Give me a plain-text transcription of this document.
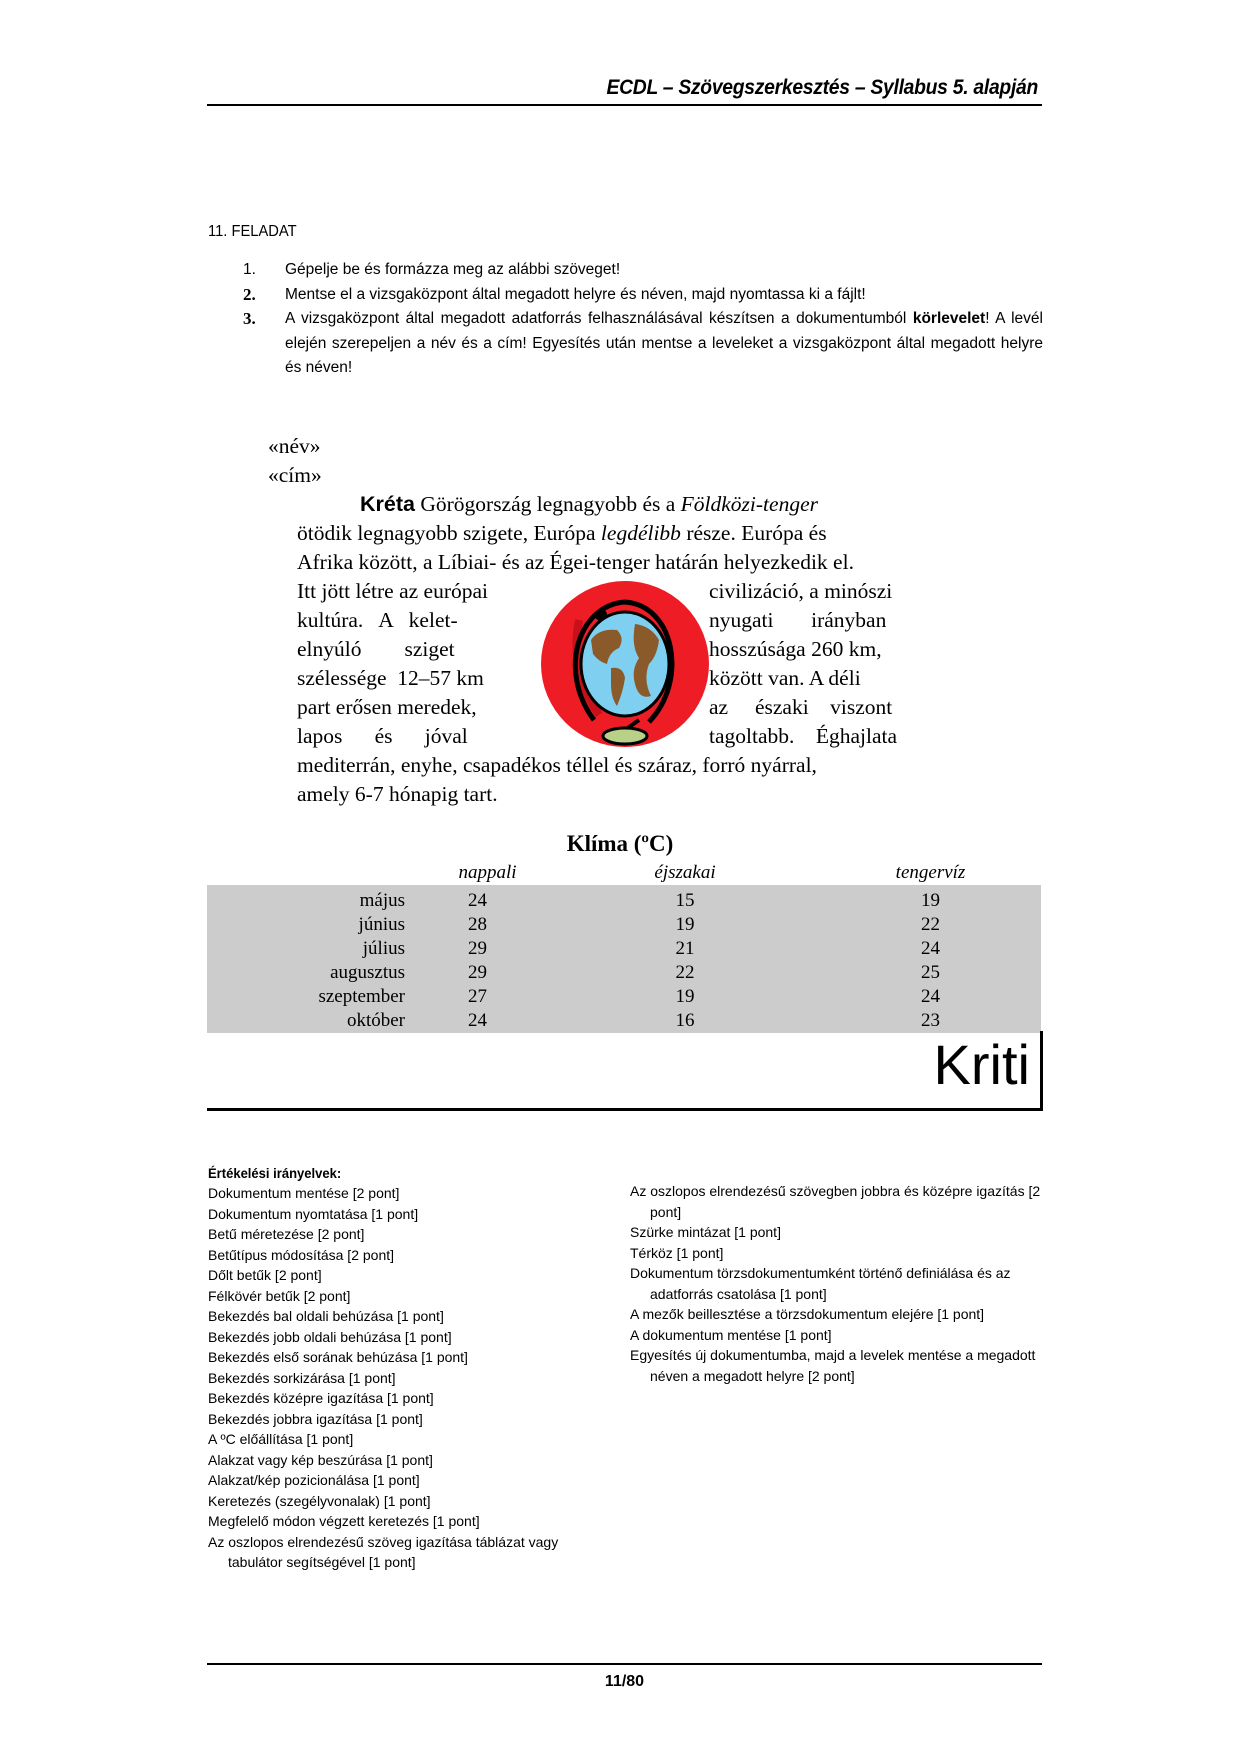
ECDL – Szövegszerkesztés – Syllabus 5. alapján
11. FELADAT
1. Gépelje be és formázza meg az alábbi szöveget!
2. Mentse el a vizsgaközpont által megadott helyre és néven, majd nyomtassa ki a fájlt!
3. A vizsgaközpont által megadott adatforrás felhasználásával készítsen a dokumentumból körlevelet! A levél elején szerepeljen a név és a cím! Egyesítés után mentse a leveleket a vizsgaközpont által megadott helyre és néven!
«név»
«cím»
Kréta Görögország legnagyobb és a Földközi-tenger
ötödik legnagyobb szigete, Európa legdélibb része. Európa és
Afrika között, a Líbiai- és az Égei-tenger határán helyezkedik el.
Itt jött létre az európai
kultúra.   A   kelet-
elnyúló        sziget
szélessége  12–57 km
part erősen meredek,
lapos      és      jóval
civilizáció, a minószi
nyugati       irányban
hosszúsága 260 km,
között van. A déli
az     északi    viszont
tagoltabb.    Éghajlata
mediterrán, enyhe, csapadékos téllel és száraz, forró nyárral,
amely 6-7 hónapig tart.
Klíma (ºC)
	nappali	éjszakai	tengervíz
május	24	15	19
június	28	19	22
július	29	21	24
augusztus	29	22	25
szeptember	27	19	24
október	24	16	23
Kriti
Értékelési irányelvek:
Dokumentum mentése [2 pont]
Dokumentum nyomtatása [1 pont]
Betű méretezése [2 pont]
Betűtípus módosítása [2 pont]
Dőlt betűk [2 pont]
Félkövér betűk [2 pont]
Bekezdés bal oldali behúzása [1 pont]
Bekezdés jobb oldali behúzása [1 pont]
Bekezdés első sorának behúzása [1 pont]
Bekezdés sorkizárása [1 pont]
Bekezdés középre igazítása [1 pont]
Bekezdés jobbra igazítása [1 pont]
A ºC előállítása [1 pont]
Alakzat vagy kép beszúrása [1 pont]
Alakzat/kép pozicionálása [1 pont]
Keretezés (szegélyvonalak) [1 pont]
Megfelelő módon végzett keretezés [1 pont]
Az oszlopos elrendezésű szöveg igazítása táblázat vagy tabulátor segítségével [1 pont]
Az oszlopos elrendezésű szövegben jobbra és középre igazítás [2 pont]
Szürke mintázat [1 pont]
Térköz [1 pont]
Dokumentum törzsdokumentumként történő definiálása és az adatforrás csatolása [1 pont]
A mezők beillesztése a törzsdokumentum elejére [1 pont]
A dokumentum mentése [1 pont]
Egyesítés új dokumentumba, majd a levelek mentése a megadott néven a megadott helyre [2 pont]
11/80
